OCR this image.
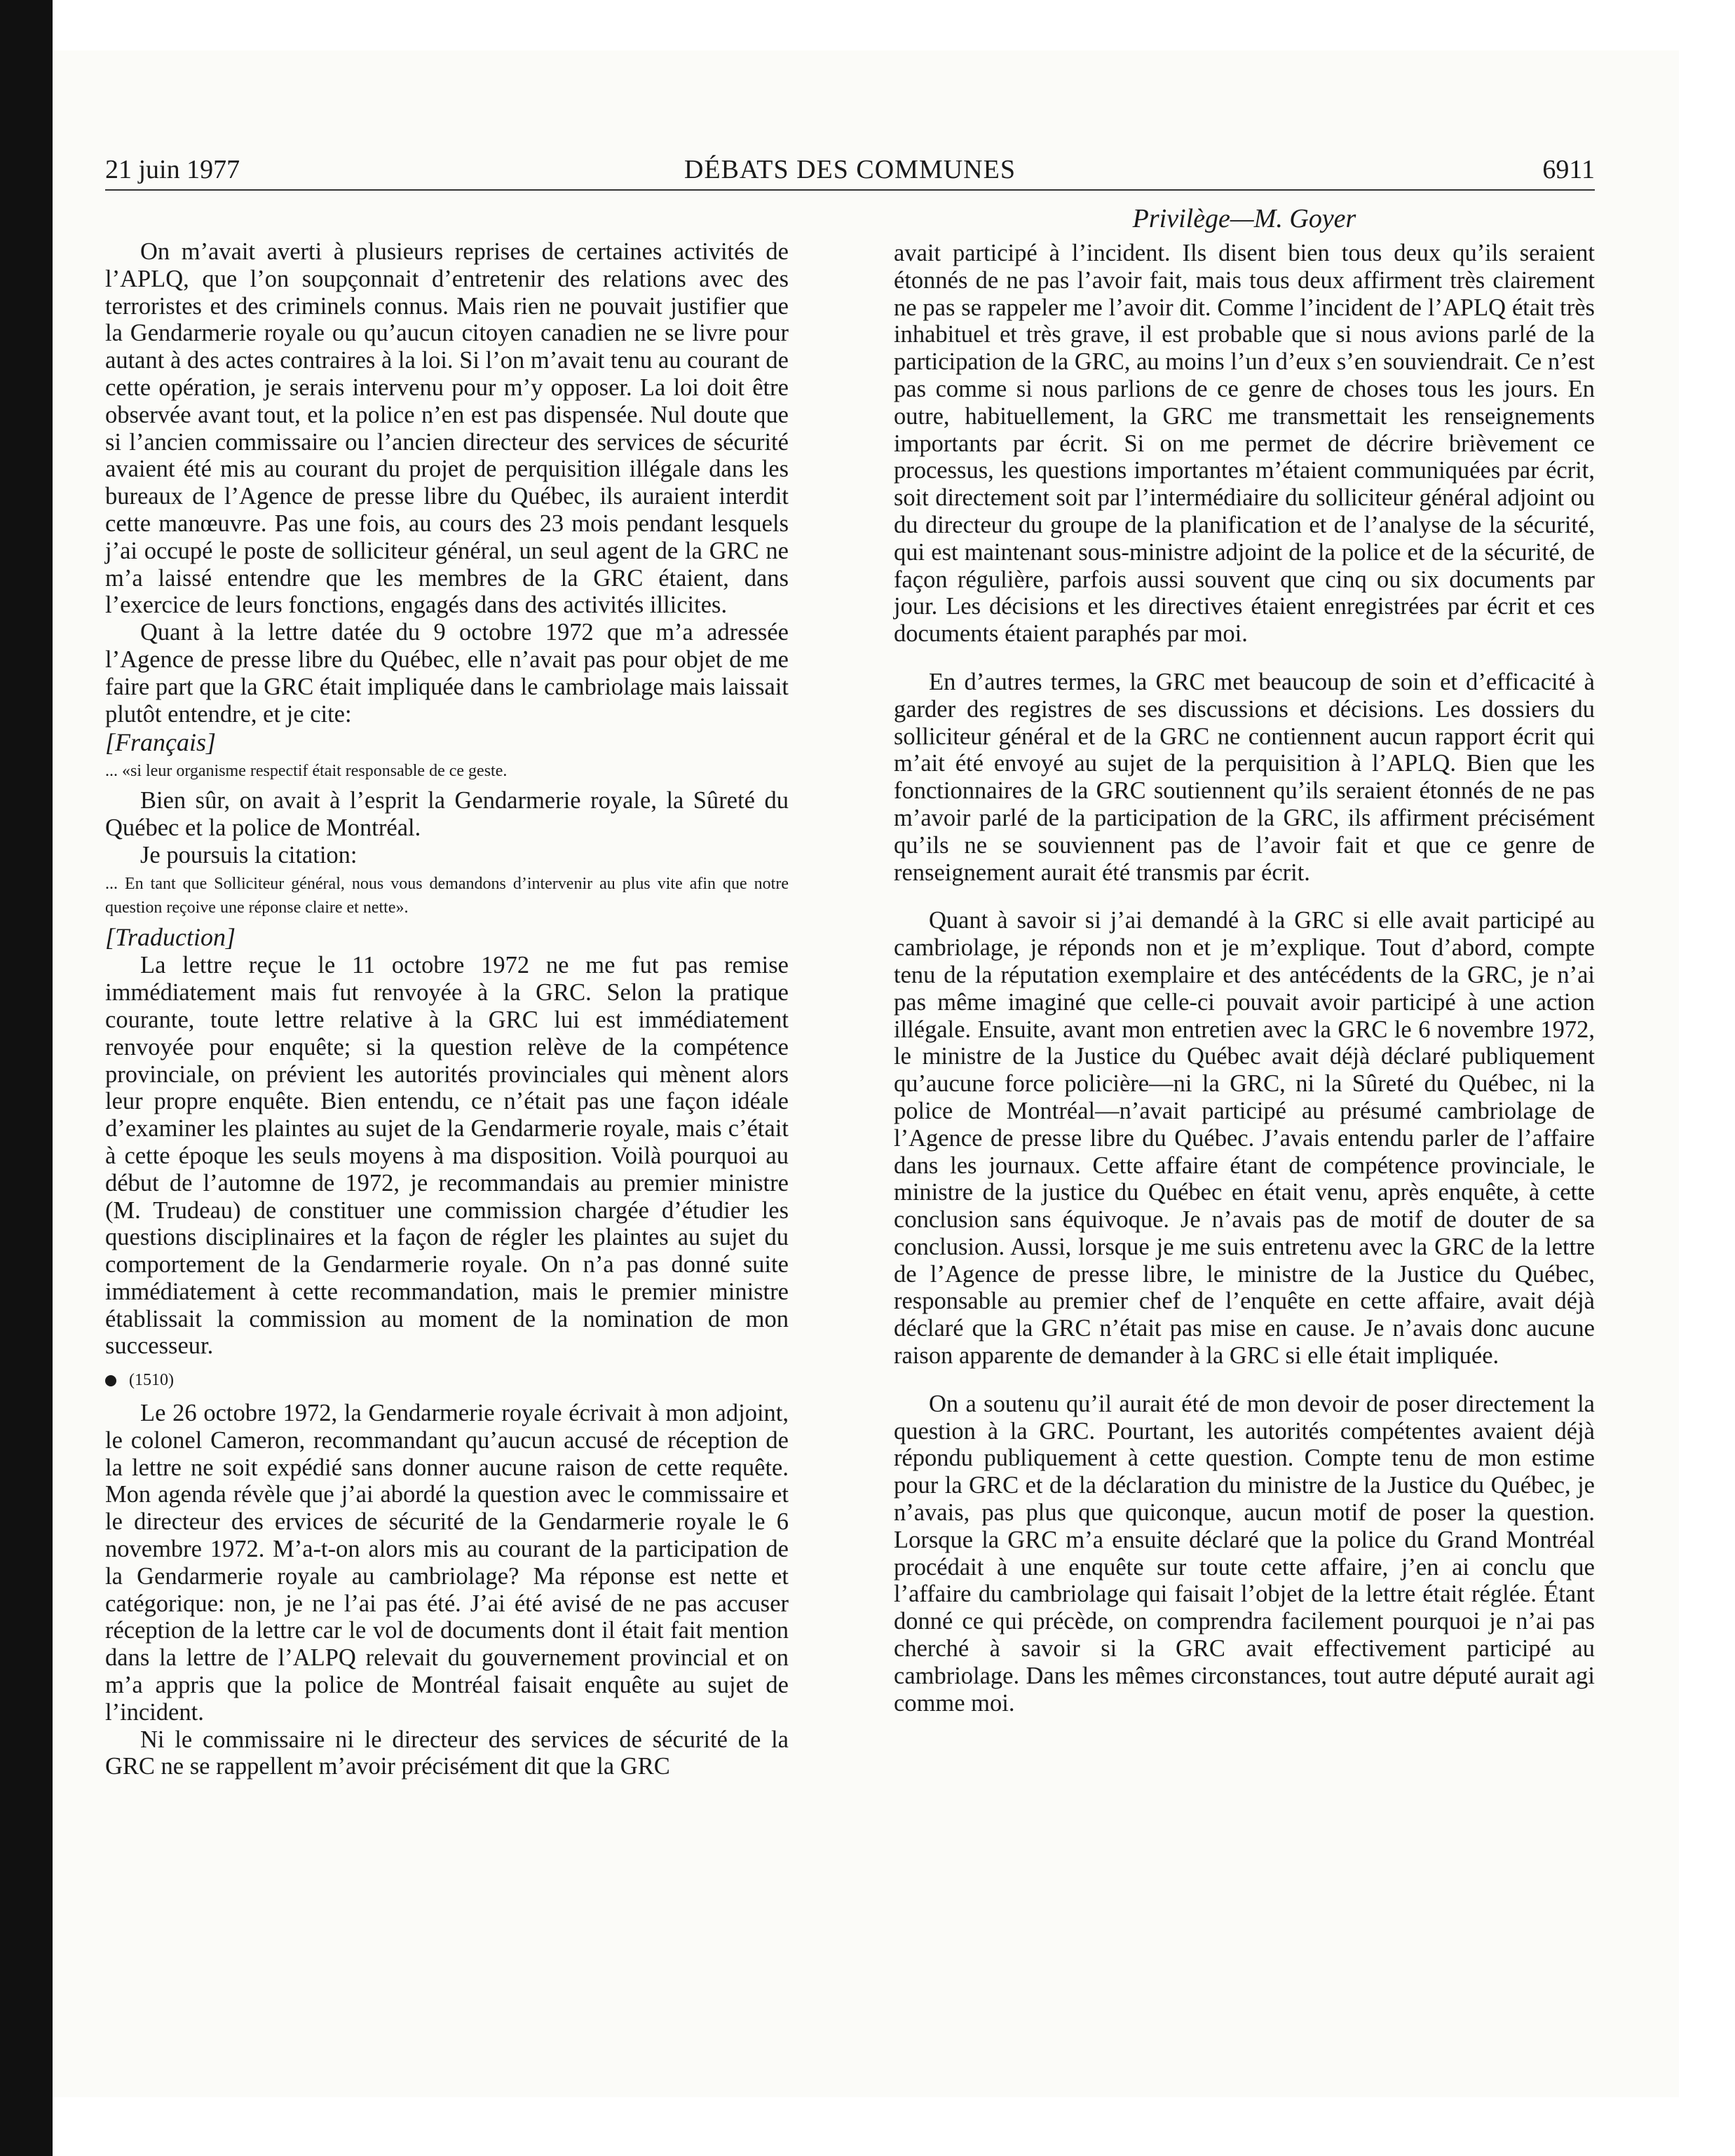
21 juin 1977	DÉBATS DES COMMUNES	6911
Privilège—M. Goyer

On m’avait averti à plusieurs reprises de certaines activités de l’APLQ, que l’on soupçonnait d’entretenir des relations avec des terroristes et des criminels connus. Mais rien ne pouvait justifier que la Gendarmerie royale ou qu’aucun citoyen canadien ne se livre pour autant à des actes contraires à la loi. Si l’on m’avait tenu au courant de cette opération, je serais intervenu pour m’y opposer. La loi doit être observée avant tout, et la police n’en est pas dispensée. Nul doute que si l’ancien commissaire ou l’ancien directeur des services de sécurité avaient été mis au courant du projet de perquisition illégale dans les bureaux de l’Agence de presse libre du Québec, ils auraient interdit cette manœuvre. Pas une fois, au cours des 23 mois pendant lesquels j’ai occupé le poste de solliciteur général, un seul agent de la GRC ne m’a laissé entendre que les membres de la GRC étaient, dans l’exercice de leurs fonctions, engagés dans des activités illicites.

Quant à la lettre datée du 9 octobre 1972 que m’a adressée l’Agence de presse libre du Québec, elle n’avait pas pour objet de me faire part que la GRC était impliquée dans le cambriolage mais laissait plutôt entendre, et je cite:

[Français]
... «si leur organisme respectif était responsable de ce geste.

Bien sûr, on avait à l’esprit la Gendarmerie royale, la Sûreté du Québec et la police de Montréal.

Je poursuis la citation:

... En tant que Solliciteur général, nous vous demandons d’intervenir au plus vite afin que notre question reçoive une réponse claire et nette».
[Traduction]

La lettre reçue le 11 octobre 1972 ne me fut pas remise immédiatement mais fut renvoyée à la GRC. Selon la pratique courante, toute lettre relative à la GRC lui est immédiatement renvoyée pour enquête; si la question relève de la compétence provinciale, on prévient les autorités provinciales qui mènent alors leur propre enquête. Bien entendu, ce n’était pas une façon idéale d’examiner les plaintes au sujet de la Gendarmerie royale, mais c’était à cette époque les seuls moyens à ma disposition. Voilà pourquoi au début de l’automne de 1972, je recommandais au premier ministre (M. Trudeau) de constituer une commission chargée d’étudier les questions disciplinaires et la façon de régler les plaintes au sujet du comportement de la Gendarmerie royale. On n’a pas donné suite immédiatement à cette recommandation, mais le premier ministre établissait la commission au moment de la nomination de mon successeur.

(1510)

Le 26 octobre 1972, la Gendarmerie royale écrivait à mon adjoint, le colonel Cameron, recommandant qu’aucun accusé de réception de la lettre ne soit expédié sans donner aucune raison de cette requête. Mon agenda révèle que j’ai abordé la question avec le commissaire et le directeur des ervices de sécurité de la Gendarmerie royale le 6 novembre 1972. M’a-t-on alors mis au courant de la participation de la Gendarmerie royale au cambriolage? Ma réponse est nette et catégorique: non, je ne l’ai pas été. J’ai été avisé de ne pas accuser réception de la lettre car le vol de documents dont il était fait mention dans la lettre de l’ALPQ relevait du gouvernement provincial et on m’a appris que la police de Montréal faisait enquête au sujet de l’incident.

Ni le commissaire ni le directeur des services de sécurité de la GRC ne se rappellent m’avoir précisément dit que la GRC

avait participé à l’incident. Ils disent bien tous deux qu’ils seraient étonnés de ne pas l’avoir fait, mais tous deux affirment très clairement ne pas se rappeler me l’avoir dit. Comme l’incident de l’APLQ était très inhabituel et très grave, il est probable que si nous avions parlé de la participation de la GRC, au moins l’un d’eux s’en souviendrait. Ce n’est pas comme si nous parlions de ce genre de choses tous les jours. En outre, habituellement, la GRC me transmettait les renseignements importants par écrit. Si on me permet de décrire brièvement ce processus, les questions importantes m’étaient communiquées par écrit, soit directement soit par l’intermédiaire du solliciteur général adjoint ou du directeur du groupe de la planification et de l’analyse de la sécurité, qui est maintenant sous-ministre adjoint de la police et de la sécurité, de façon régulière, parfois aussi souvent que cinq ou six documents par jour. Les décisions et les directives étaient enregistrées par écrit et ces documents étaient paraphés par moi.

En d’autres termes, la GRC met beaucoup de soin et d’efficacité à garder des registres de ses discussions et décisions. Les dossiers du solliciteur général et de la GRC ne contiennent aucun rapport écrit qui m’ait été envoyé au sujet de la perquisition à l’APLQ. Bien que les fonctionnaires de la GRC soutiennent qu’ils seraient étonnés de ne pas m’avoir parlé de la participation de la GRC, ils affirment précisément qu’ils ne se souviennent pas de l’avoir fait et que ce genre de renseignement aurait été transmis par écrit.

Quant à savoir si j’ai demandé à la GRC si elle avait participé au cambriolage, je réponds non et je m’explique. Tout d’abord, compte tenu de la réputation exemplaire et des antécédents de la GRC, je n’ai pas même imaginé que celle-ci pouvait avoir participé à une action illégale. Ensuite, avant mon entretien avec la GRC le 6 novembre 1972, le ministre de la Justice du Québec avait déjà déclaré publiquement qu’aucune force policière—ni la GRC, ni la Sûreté du Québec, ni la police de Montréal—n’avait participé au présumé cambriolage de l’Agence de presse libre du Québec. J’avais entendu parler de l’affaire dans les journaux. Cette affaire étant de compétence provinciale, le ministre de la justice du Québec en était venu, après enquête, à cette conclusion sans équivoque. Je n’avais pas de motif de douter de sa conclusion. Aussi, lorsque je me suis entretenu avec la GRC de la lettre de l’Agence de presse libre, le ministre de la Justice du Québec, responsable au premier chef de l’enquête en cette affaire, avait déjà déclaré que la GRC n’était pas mise en cause. Je n’avais donc aucune raison apparente de demander à la GRC si elle était impliquée.

On a soutenu qu’il aurait été de mon devoir de poser directement la question à la GRC. Pourtant, les autorités compétentes avaient déjà répondu publiquement à cette question. Compte tenu de mon estime pour la GRC et de la déclaration du ministre de la Justice du Québec, je n’avais, pas plus que quiconque, aucun motif de poser la question. Lorsque la GRC m’a ensuite déclaré que la police du Grand Montréal procédait à une enquête sur toute cette affaire, j’en ai conclu que l’affaire du cambriolage qui faisait l’objet de la lettre était réglée. Étant donné ce qui précède, on comprendra facilement pourquoi je n’ai pas cherché à savoir si la GRC avait effectivement participé au cambriolage. Dans les mêmes circonstances, tout autre député aurait agi comme moi.
